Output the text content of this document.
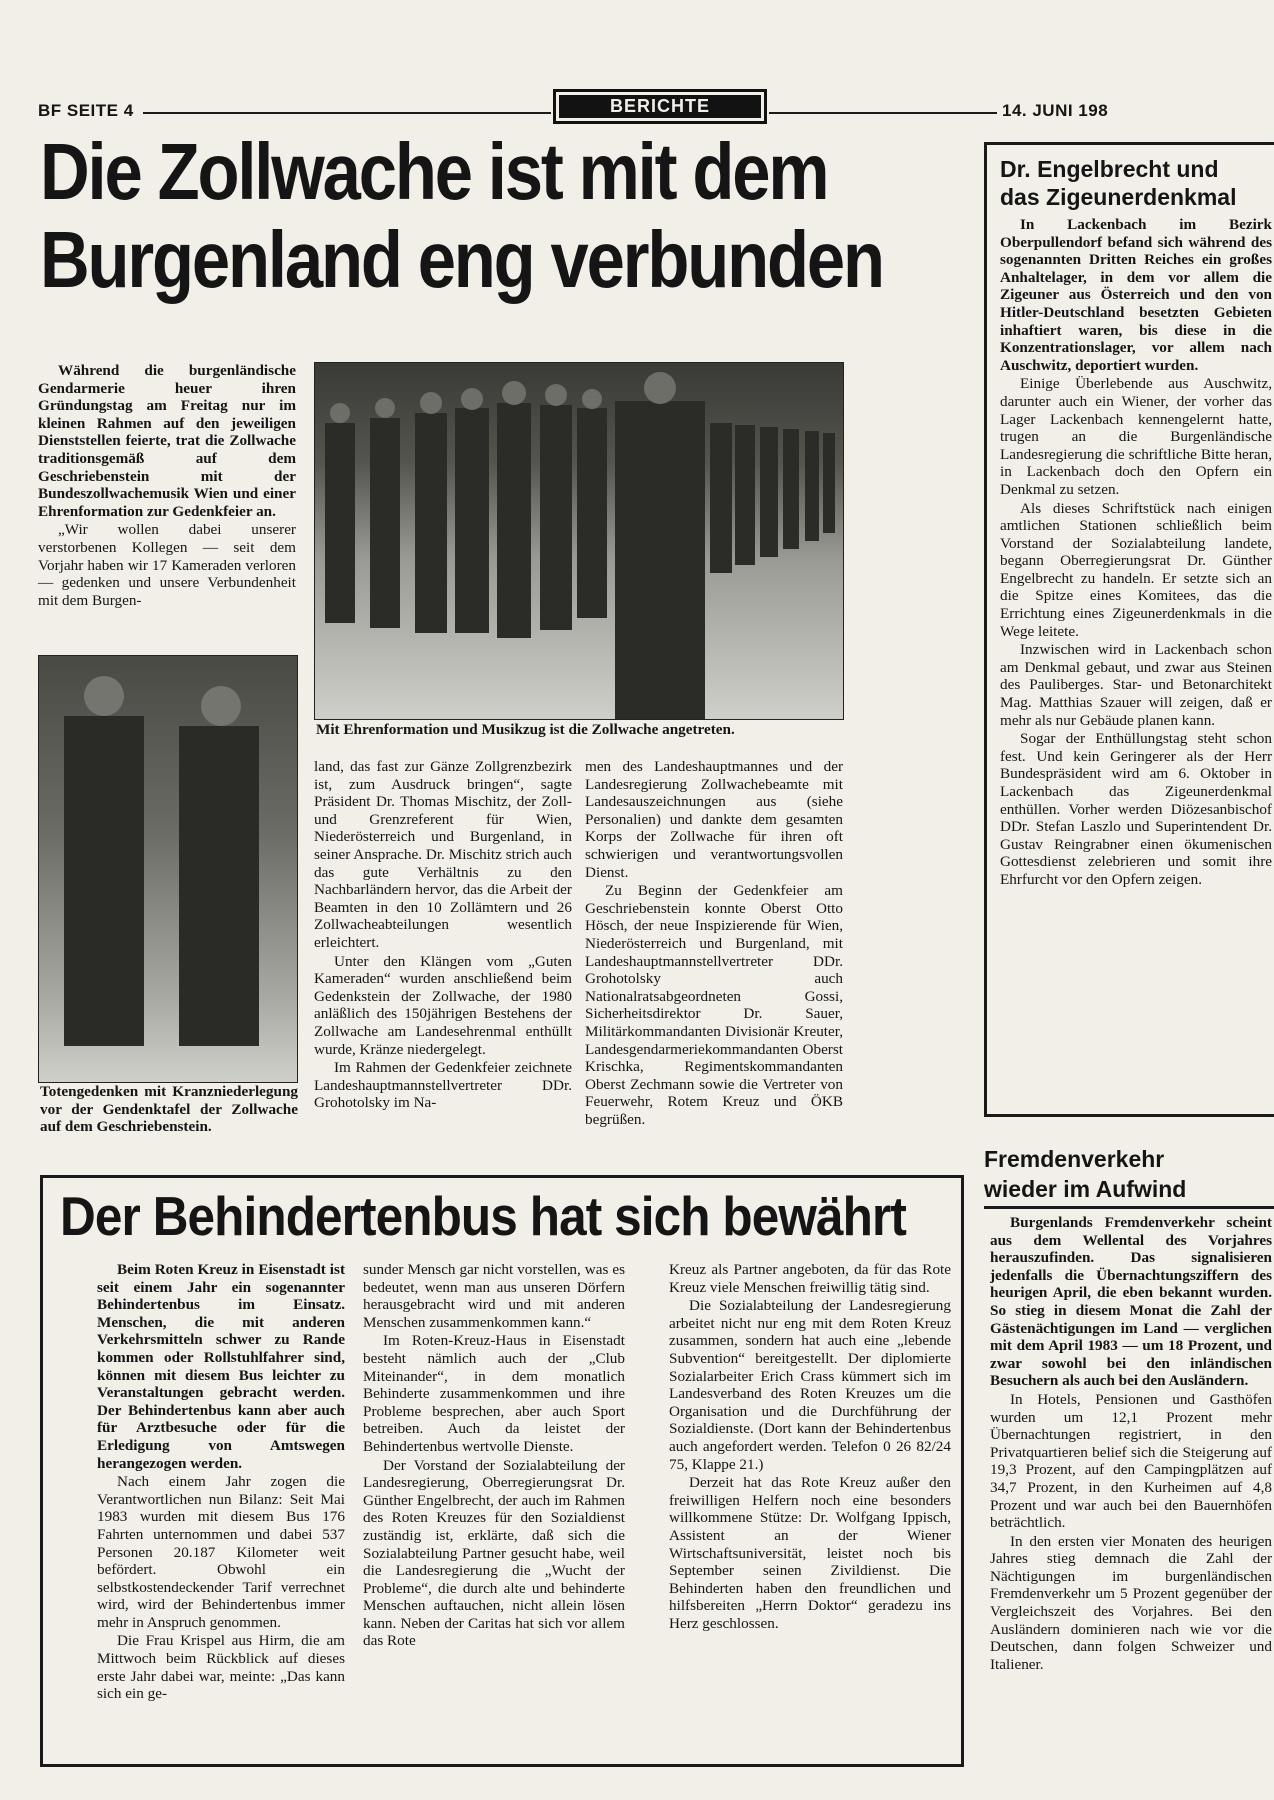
BF SEITE 4	BERICHTE	14. JUNI 198
Die Zollwache ist mit dem
Burgenland eng verbunden

Während die burgenländische Gendarmerie heuer ihren Gründungstag am Freitag nur im kleinen Rahmen auf den jeweiligen Dienststellen feierte, trat die Zollwache traditionsgemäß auf dem Geschriebenstein mit der Bundeszollwachemusik Wien und einer Ehrenformation zur Gedenkfeier an.

„Wir wollen dabei unserer verstorbenen Kollegen — seit dem Vorjahr haben wir 17 Kameraden verloren — gedenken und unsere Verbundenheit mit dem Burgen-

Mit Ehrenformation und Musikzug ist die Zollwache angetreten.
Totengedenken mit Kranzniederlegung vor der Gendenktafel der Zollwache auf dem Geschriebenstein.

land, das fast zur Gänze Zollgrenzbezirk ist, zum Ausdruck bringen“, sagte Präsident Dr. Thomas Mischitz, der Zoll- und Grenzreferent für Wien, Niederösterreich und Burgenland, in seiner Ansprache. Dr. Mischitz strich auch das gute Verhältnis zu den Nachbarländern hervor, das die Arbeit der Beamten in den 10 Zollämtern und 26 Zollwacheabteilungen wesentlich erleichtert.

Unter den Klängen vom „Guten Kameraden“ wurden anschließend beim Gedenkstein der Zollwache, der 1980 anläßlich des 150jährigen Bestehens der Zollwache am Landesehrenmal enthüllt wurde, Kränze niedergelegt.

Im Rahmen der Gedenkfeier zeichnete Landeshauptmannstellvertreter DDr. Grohotolsky im Na-

men des Landeshauptmannes und der Landesregierung Zollwachebeamte mit Landesauszeichnungen aus (siehe Personalien) und dankte dem gesamten Korps der Zollwache für ihren oft schwierigen und verantwortungsvollen Dienst.

Zu Beginn der Gedenkfeier am Geschriebenstein konnte Oberst Otto Hösch, der neue Inspizierende für Wien, Niederösterreich und Burgenland, mit Landeshauptmannstellvertreter DDr. Grohotolsky auch Nationalratsabgeordneten Gossi, Sicherheitsdirektor Dr. Sauer, Militärkommandanten Divisionär Kreuter, Landesgendarmeriekommandanten Oberst Krischka, Regimentskommandanten Oberst Zechmann sowie die Vertreter von Feuerwehr, Rotem Kreuz und ÖKB begrüßen.

Dr. Engelbrecht und
das Zigeunerdenkmal

In Lackenbach im Bezirk Oberpullendorf befand sich während des sogenannten Dritten Reiches ein großes Anhaltelager, in dem vor allem die Zigeuner aus Österreich und den von Hitler-Deutschland besetzten Gebieten inhaftiert waren, bis diese in die Konzentrationslager, vor allem nach Auschwitz, deportiert wurden.

Einige Überlebende aus Auschwitz, darunter auch ein Wiener, der vorher das Lager Lackenbach kennengelernt hatte, trugen an die Burgenländische Landesregierung die schriftliche Bitte heran, in Lackenbach doch den Opfern ein Denkmal zu setzen.

Als dieses Schriftstück nach einigen amtlichen Stationen schließlich beim Vorstand der Sozialabteilung landete, begann Oberregierungsrat Dr. Günther Engelbrecht zu handeln. Er setzte sich an die Spitze eines Komitees, das die Errichtung eines Zigeunerdenkmals in die Wege leitete.

Inzwischen wird in Lackenbach schon am Denkmal gebaut, und zwar aus Steinen des Pauliberges. Star- und Betonarchitekt Mag. Matthias Szauer will zeigen, daß er mehr als nur Gebäude planen kann.

Sogar der Enthüllungstag steht schon fest. Und kein Geringerer als der Herr Bundespräsident wird am 6. Oktober in Lackenbach das Zigeunerdenkmal enthüllen. Vorher werden Diözesanbischof DDr. Stefan Laszlo und Superintendent Dr. Gustav Reingrabner einen ökumenischen Gottesdienst zelebrieren und somit ihre Ehrfurcht vor den Opfern zeigen.

Der Behindertenbus hat sich bewährt

Beim Roten Kreuz in Eisenstadt ist seit einem Jahr ein sogenannter Behindertenbus im Einsatz. Menschen, die mit anderen Verkehrsmitteln schwer zu Rande kommen oder Rollstuhlfahrer sind, können mit diesem Bus leichter zu Veranstaltungen gebracht werden. Der Behindertenbus kann aber auch für Arztbesuche oder für die Erledigung von Amtswegen herangezogen werden.

Nach einem Jahr zogen die Verantwortlichen nun Bilanz: Seit Mai 1983 wurden mit diesem Bus 176 Fahrten unternommen und dabei 537 Personen 20.187 Kilometer weit befördert. Obwohl ein selbstkostendeckender Tarif verrechnet wird, wird der Behindertenbus immer mehr in Anspruch genommen.

Die Frau Krispel aus Hirm, die am Mittwoch beim Rückblick auf dieses erste Jahr dabei war, meinte: „Das kann sich ein ge-

sunder Mensch gar nicht vorstellen, was es bedeutet, wenn man aus unseren Dörfern herausgebracht wird und mit anderen Menschen zusammenkommen kann.“

Im Roten-Kreuz-Haus in Eisenstadt besteht nämlich auch der „Club Miteinander“, in dem monatlich Behinderte zusammenkommen und ihre Probleme besprechen, aber auch Sport betreiben. Auch da leistet der Behindertenbus wertvolle Dienste.

Der Vorstand der Sozialabteilung der Landesregierung, Oberregierungsrat Dr. Günther Engelbrecht, der auch im Rahmen des Roten Kreuzes für den Sozialdienst zuständig ist, erklärte, daß sich die Sozialabteilung Partner gesucht habe, weil die Landesregierung die „Wucht der Probleme“, die durch alte und behinderte Menschen auftauchen, nicht allein lösen kann. Neben der Caritas hat sich vor allem das Rote

Kreuz als Partner angeboten, da für das Rote Kreuz viele Menschen freiwillig tätig sind.

Die Sozialabteilung der Landesregierung arbeitet nicht nur eng mit dem Roten Kreuz zusammen, sondern hat auch eine „lebende Subvention“ bereitgestellt. Der diplomierte Sozialarbeiter Erich Crass kümmert sich im Landesverband des Roten Kreuzes um die Organisation und die Durchführung der Sozialdienste. (Dort kann der Behindertenbus auch angefordert werden. Telefon 0 26 82/24 75, Klappe 21.)

Derzeit hat das Rote Kreuz außer den freiwilligen Helfern noch eine besonders willkommene Stütze: Dr. Wolfgang Ippisch, Assistent an der Wiener Wirtschaftsuniversität, leistet noch bis September seinen Zivildienst. Die Behinderten haben den freundlichen und hilfsbereiten „Herrn Doktor“ geradezu ins Herz geschlossen.

Fremdenverkehr
wieder im Aufwind

Burgenlands Fremdenverkehr scheint aus dem Wellental des Vorjahres herauszufinden. Das signalisieren jedenfalls die Übernachtungsziffern des heurigen April, die eben bekannt wurden. So stieg in diesem Monat die Zahl der Gästenächtigungen im Land — verglichen mit dem April 1983 — um 18 Prozent, und zwar sowohl bei den inländischen Besuchern als auch bei den Ausländern.

In Hotels, Pensionen und Gasthöfen wurden um 12,1 Prozent mehr Übernachtungen registriert, in den Privatquartieren belief sich die Steigerung auf 19,3 Prozent, auf den Campingplätzen auf 34,7 Prozent, in den Kurheimen auf 4,8 Prozent und war auch bei den Bauernhöfen beträchtlich.

In den ersten vier Monaten des heurigen Jahres stieg demnach die Zahl der Nächtigungen im burgenländischen Fremdenverkehr um 5 Prozent gegenüber der Vergleichszeit des Vorjahres. Bei den Ausländern dominieren nach wie vor die Deutschen, dann folgen Schweizer und Italiener.
